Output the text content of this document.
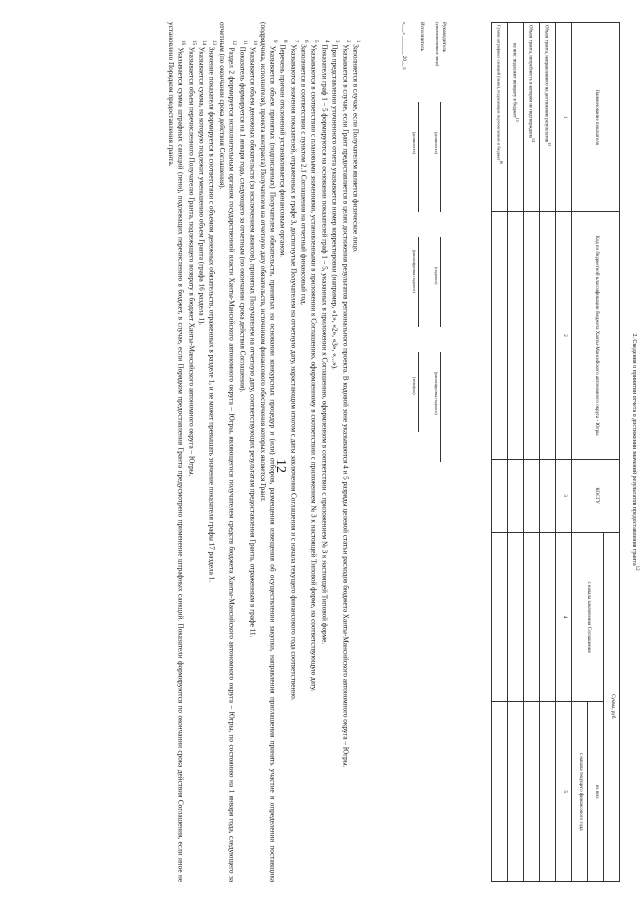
12
Наименование показателя	Код по бюджетной классификации бюджета Ханты-Мансийского автономного округа - Югры	КОСГУ	Сумма, руб.	
			с начала заключения Соглашения	из них
				с начала текущего финансового года
1	2	3	4	5
Объем гранта, направленного на достижение результатов$^{13}$				
Объем гранта, потребность в котором не подтверждена$^{14}$				
из них: подлежит возврату в бюджет$^{15}$				
Сумма штрафных санкций (пени), подлежащих перечислению в бюджет$^{16}$				
Руководитель
(уполномоченное лицо)
(должность)
(подпись)
(расшифровка подписи)
Исполнитель
(должность)
(расшифровка подписи)
(телефон)
«___» _______ 20__ г.
2. Сведения о принятии отчета о достижении значений результатов предоставления гранта$^{12}$

$^1$ Заполняется в случае, если Получателем является физическое лицо.

$^2$ Указывается в случае, если Грант предоставляется в целях достижения результатов регионального проекта. В кодовой зоне указываются 4 и 5 разряды целевой статьи расходов бюджета Ханты-Мансийского автономного округа – Югры.

$^3$ При представлении уточненного отчета указывается номер корректировки (например, «1», «2», «3», «...»).

$^4$ Показатели граф 1 – 5 формируются на основании показателей граф 1 – 5, указанных в приложении к Соглашению, оформленном в соответствии с приложением № 3 к настоящей Типовой форме.

$^5$ Указываются в соответствии с плановыми значениями, установленными в приложении к Соглашению, оформленному в соответствии с приложением № 3 к настоящей Типовой форме, на соответствующую дату.

$^6$ Заполняется в соответствии с пунктом 2.1 Соглашения на отчетный финансовый год.

$^7$ Указываются значения показателей, отраженных в графе 3, достигнутые Получателем на отчетную дату, нарастающим итогом с даты заключения Соглашения и с начала текущего финансового года соответственно.

$^8$ Перечень причин отклонений устанавливается финансовым органом.

$^9$ Указывается объем принятых (подписанных) Получателем обязательств, принятых на основании конкурсных процедур и (или) отборов, размещения извещения об осуществлении закупки, направления приглашения принять участие в определении поставщика (подрядчика, исполнителя), проекта контракта) Получателем на отчетную дату обязательств, источником финансового обеспечения которых является Грант.

$^{10}$ Указывается объем денежных обязательств (за исключением авансов), принятых Получателем на отчетную дату, соответствующих результатам предоставления Гранта, отраженным в графе 11.

$^{11}$ Показатель формируется на 1 января года, следующего за отчетным (по окончании срока действия Соглашения).

$^{12}$ Раздел 2 формируется исполнительным органом государственной власти Ханты-Мансийского автономного округа – Югры, являющегося получателем средств бюджета Ханты-Мансийского автономного округа – Югры, по состоянию на 1 января года, следующего за отчетным (по окончании срока действия Соглашения).

$^{13}$ Значение показателя формируется в соответствии с объемом денежных обязательств, отраженных в разделе 1, и не может превышать значение показателя графы 17 раздела 1.

$^{14}$ Указывается сумма, на которую подлежит уменьшению объем Гранта (графа 16 раздела 1).

$^{15}$ Указывается объем перечисленного Получателю Гранта, подлежащего возврату в бюджет Ханты-Мансийского автономного округа – Югры.

$^{16}$ Указывается сумма штрафных санкций (пени), подлежащих перечислению в бюджет, в случае, если Порядком предоставления Гранта предусмотрено применение штрафных санкций. Показатели формируются по окончании срока действия Соглашения, если иное не установлено Порядком предоставления гранта.
